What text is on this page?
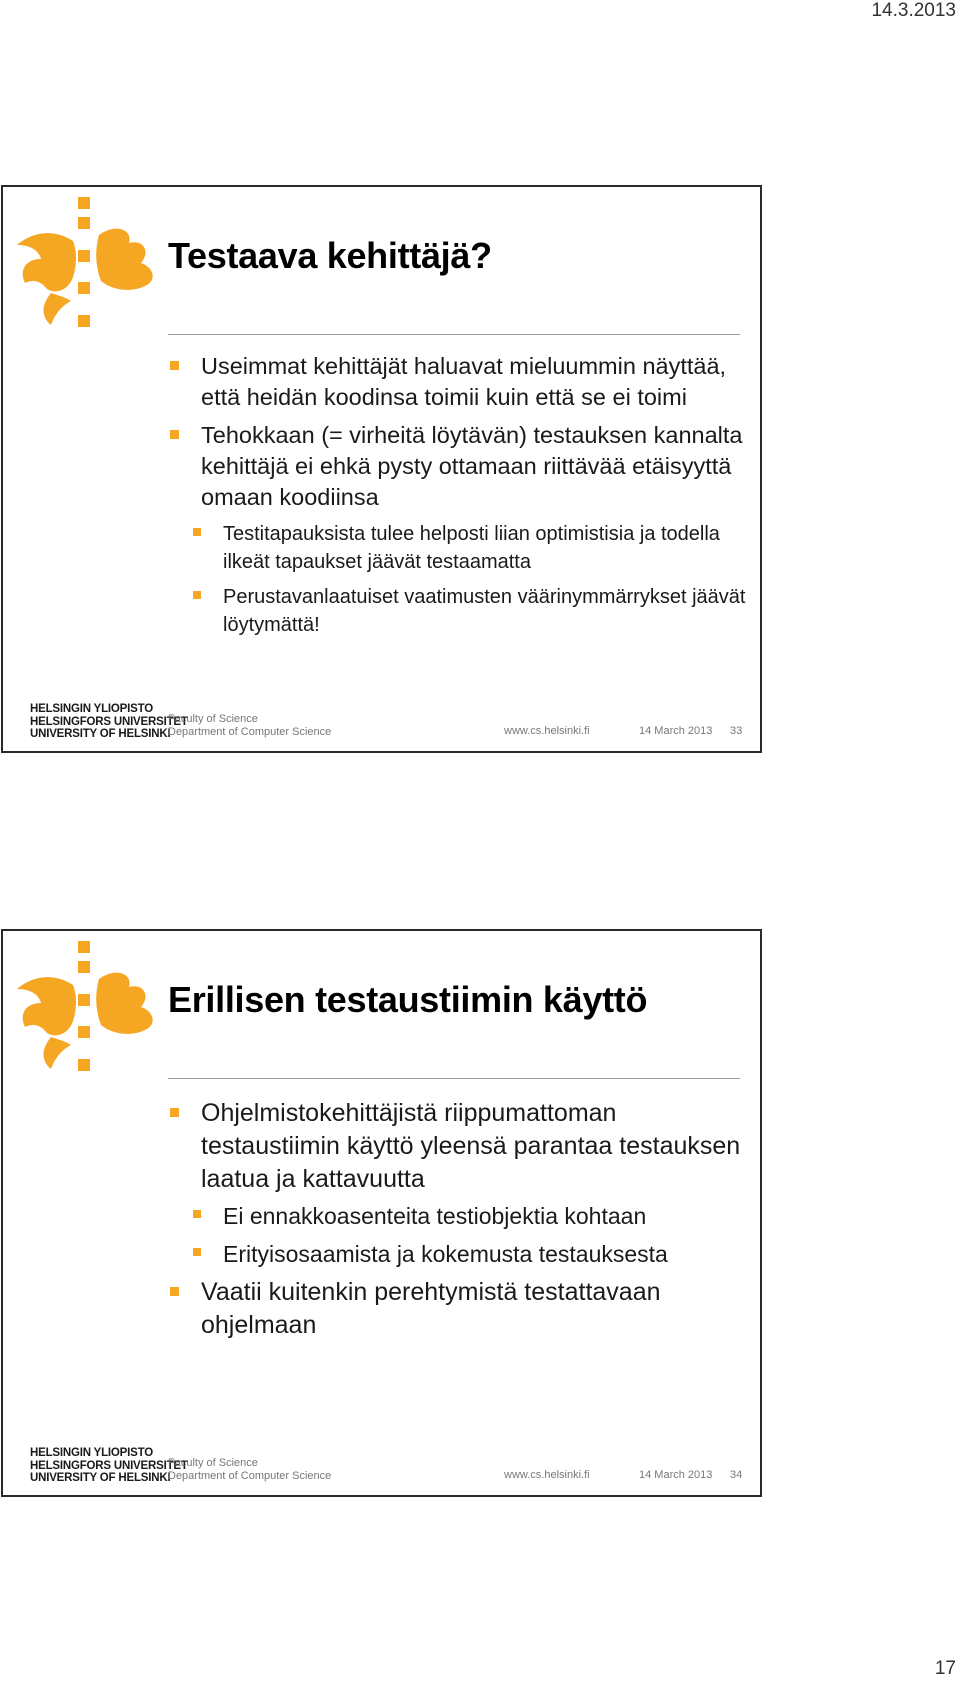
14.3.2013
Testaava kehittäjä?
Useimmat kehittäjät haluavat mieluummin näyttää, että heidän koodinsa toimii kuin että se ei toimi
Tehokkaan (= virheitä löytävän) testauksen kannalta kehittäjä ei ehkä pysty ottamaan riittävää etäisyyttä omaan koodiinsa
Testitapauksista tulee helposti liian optimistisia ja todella ilkeät tapaukset jäävät testaamatta
Perustavanlaatuiset vaatimusten väärinymmärrykset jäävät löytymättä!
HELSINGIN YLIOPISTO
HELSINGFORS UNIVERSITET
UNIVERSITY OF HELSINKI
Faculty of Science
Department of Computer Science	www.cs.helsinki.fi	14 March 2013 33
Erillisen testaustiimin käyttö
Ohjelmistokehittäjistä riippumattoman testaustiimin käyttö yleensä parantaa testauksen laatua ja kattavuutta
Ei ennakkoasenteita testiobjektia kohtaan
Erityisosaamista ja kokemusta testauksesta
Vaatii kuitenkin perehtymistä testattavaan ohjelmaan
HELSINGIN YLIOPISTO
HELSINGFORS UNIVERSITET
UNIVERSITY OF HELSINKI
Faculty of Science
Department of Computer Science	www.cs.helsinki.fi	14 March 2013 34
17
